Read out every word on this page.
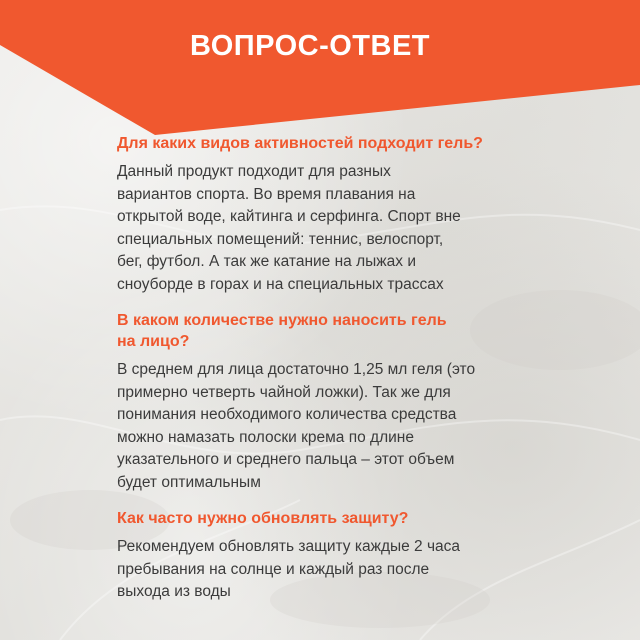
ВОПРОС-ОТВЕТ

Для каких видов активностей подходит гель?

Данный продукт подходит для разных
вариантов спорта. Во время плавания на
открытой воде, кайтинга и серфинга. Спорт вне
специальных помещений: теннис, велоспорт,
бег, футбол. А так же катание на лыжах и
сноуборде в горах и на специальных трассах

В каком количестве нужно наносить гель
на лицо?

В среднем для лица достаточно 1,25 мл геля (это
примерно четверть чайной ложки). Так же для
понимания необходимого количества средства
можно намазать полоски крема по длине
указательного и среднего пальца – этот объем
будет оптимальным

Как часто нужно обновлять защиту?

Рекомендуем обновлять защиту каждые 2 часа
пребывания на солнце и каждый раз после
выхода из воды
